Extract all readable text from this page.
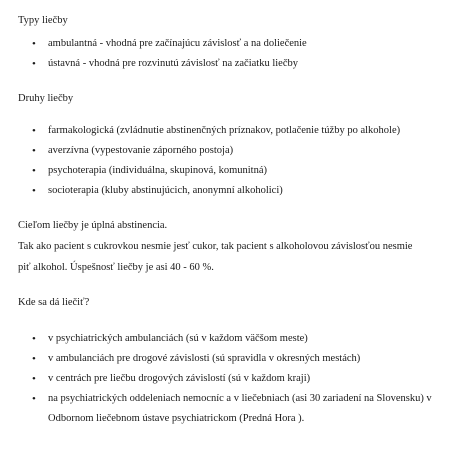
Typy liečby

• ambulantná - vhodná pre začínajúcu závislosť a na doliečenie
• ústavná - vhodná pre rozvinutú závislosť na začiatku liečby

Druhy liečby

• farmakologická (zvládnutie abstinenčných príznakov, potlačenie túžby po alkohole)
• averzívna (vypestovanie záporného postoja)
• psychoterapia (individuálna, skupinová, komunitná)
• socioterapia (kluby abstinujúcich, anonymní alkoholici)

Cieľom liečby je úplná abstinencia.

Tak ako pacient s cukrovkou nesmie jesť cukor, tak pacient s alkoholovou závislosťou nesmie

piť alkohol. Úspešnosť liečby je asi 40 - 60 %.

Kde sa dá liečiť?

• v psychiatrických ambulanciách (sú v každom väčšom meste)
• v ambulanciách pre drogové závislosti (sú spravidla v okresných mestách)
• v centrách pre liečbu drogových závislostí (sú v každom kraji)
• na psychiatrických oddeleniach nemocníc a v liečebniach (asi 30 zariadení na Slovensku) v Odbornom liečebnom ústave psychiatrickom (Predná Hora ).
